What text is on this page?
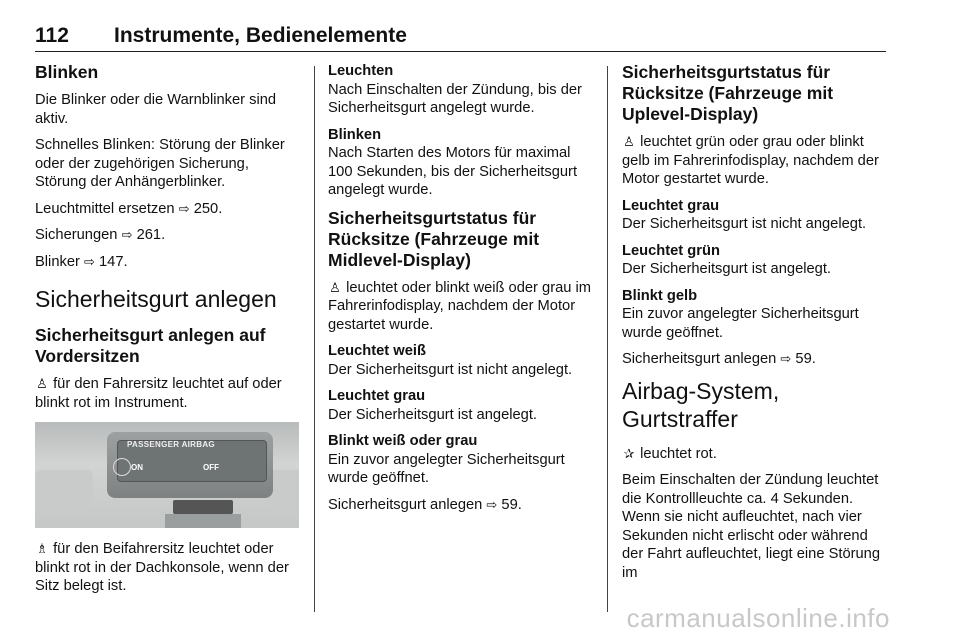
112 Instrumente, Bedienelemente
Blinken

Die Blinker oder die Warnblinker sind aktiv.

Schnelles Blinken: Störung der Blinker oder der zugehörigen Sicherung, Störung der Anhängerblinker.

Leuchtmittel ersetzen ⇨ 250.

Sicherungen ⇨ 261.

Blinker ⇨ 147.

Sicherheitsgurt anlegen
Sicherheitsgurt anlegen auf Vordersitzen

♙ für den Fahrersitz leuchtet auf oder blinkt rot im Instrument.

PASSENGER AIRBAG
ON	OFF

♗ für den Beifahrersitz leuchtet oder blinkt rot in der Dachkonsole, wenn der Sitz belegt ist.

Leuchten

Nach Einschalten der Zündung, bis der Sicherheitsgurt angelegt wurde.

Blinken

Nach Starten des Motors für maximal 100 Sekunden, bis der Sicherheitsgurt angelegt wurde.

Sicherheitsgurtstatus für Rücksitze (Fahrzeuge mit Midlevel-Display)

♙ leuchtet oder blinkt weiß oder grau im Fahrerinfodisplay, nachdem der Motor gestartet wurde.

Leuchtet weiß

Der Sicherheitsgurt ist nicht angelegt.

Leuchtet grau

Der Sicherheitsgurt ist angelegt.

Blinkt weiß oder grau

Ein zuvor angelegter Sicherheitsgurt wurde geöffnet.

Sicherheitsgurt anlegen ⇨ 59.

Sicherheitsgurtstatus für Rücksitze (Fahrzeuge mit Uplevel-Display)

♙ leuchtet grün oder grau oder blinkt gelb im Fahrerinfodisplay, nachdem der Motor gestartet wurde.

Leuchtet grau

Der Sicherheitsgurt ist nicht angelegt.

Leuchtet grün

Der Sicherheitsgurt ist angelegt.

Blinkt gelb

Ein zuvor angelegter Sicherheitsgurt wurde geöffnet.

Sicherheitsgurt anlegen ⇨ 59.

Airbag-System, Gurtstraffer

✰ leuchtet rot.

Beim Einschalten der Zündung leuchtet die Kontrollleuchte ca. 4 Sekunden. Wenn sie nicht aufleuchtet, nach vier Sekunden nicht erlischt oder während der Fahrt aufleuchtet, liegt eine Störung im

carmanualsonline.info
